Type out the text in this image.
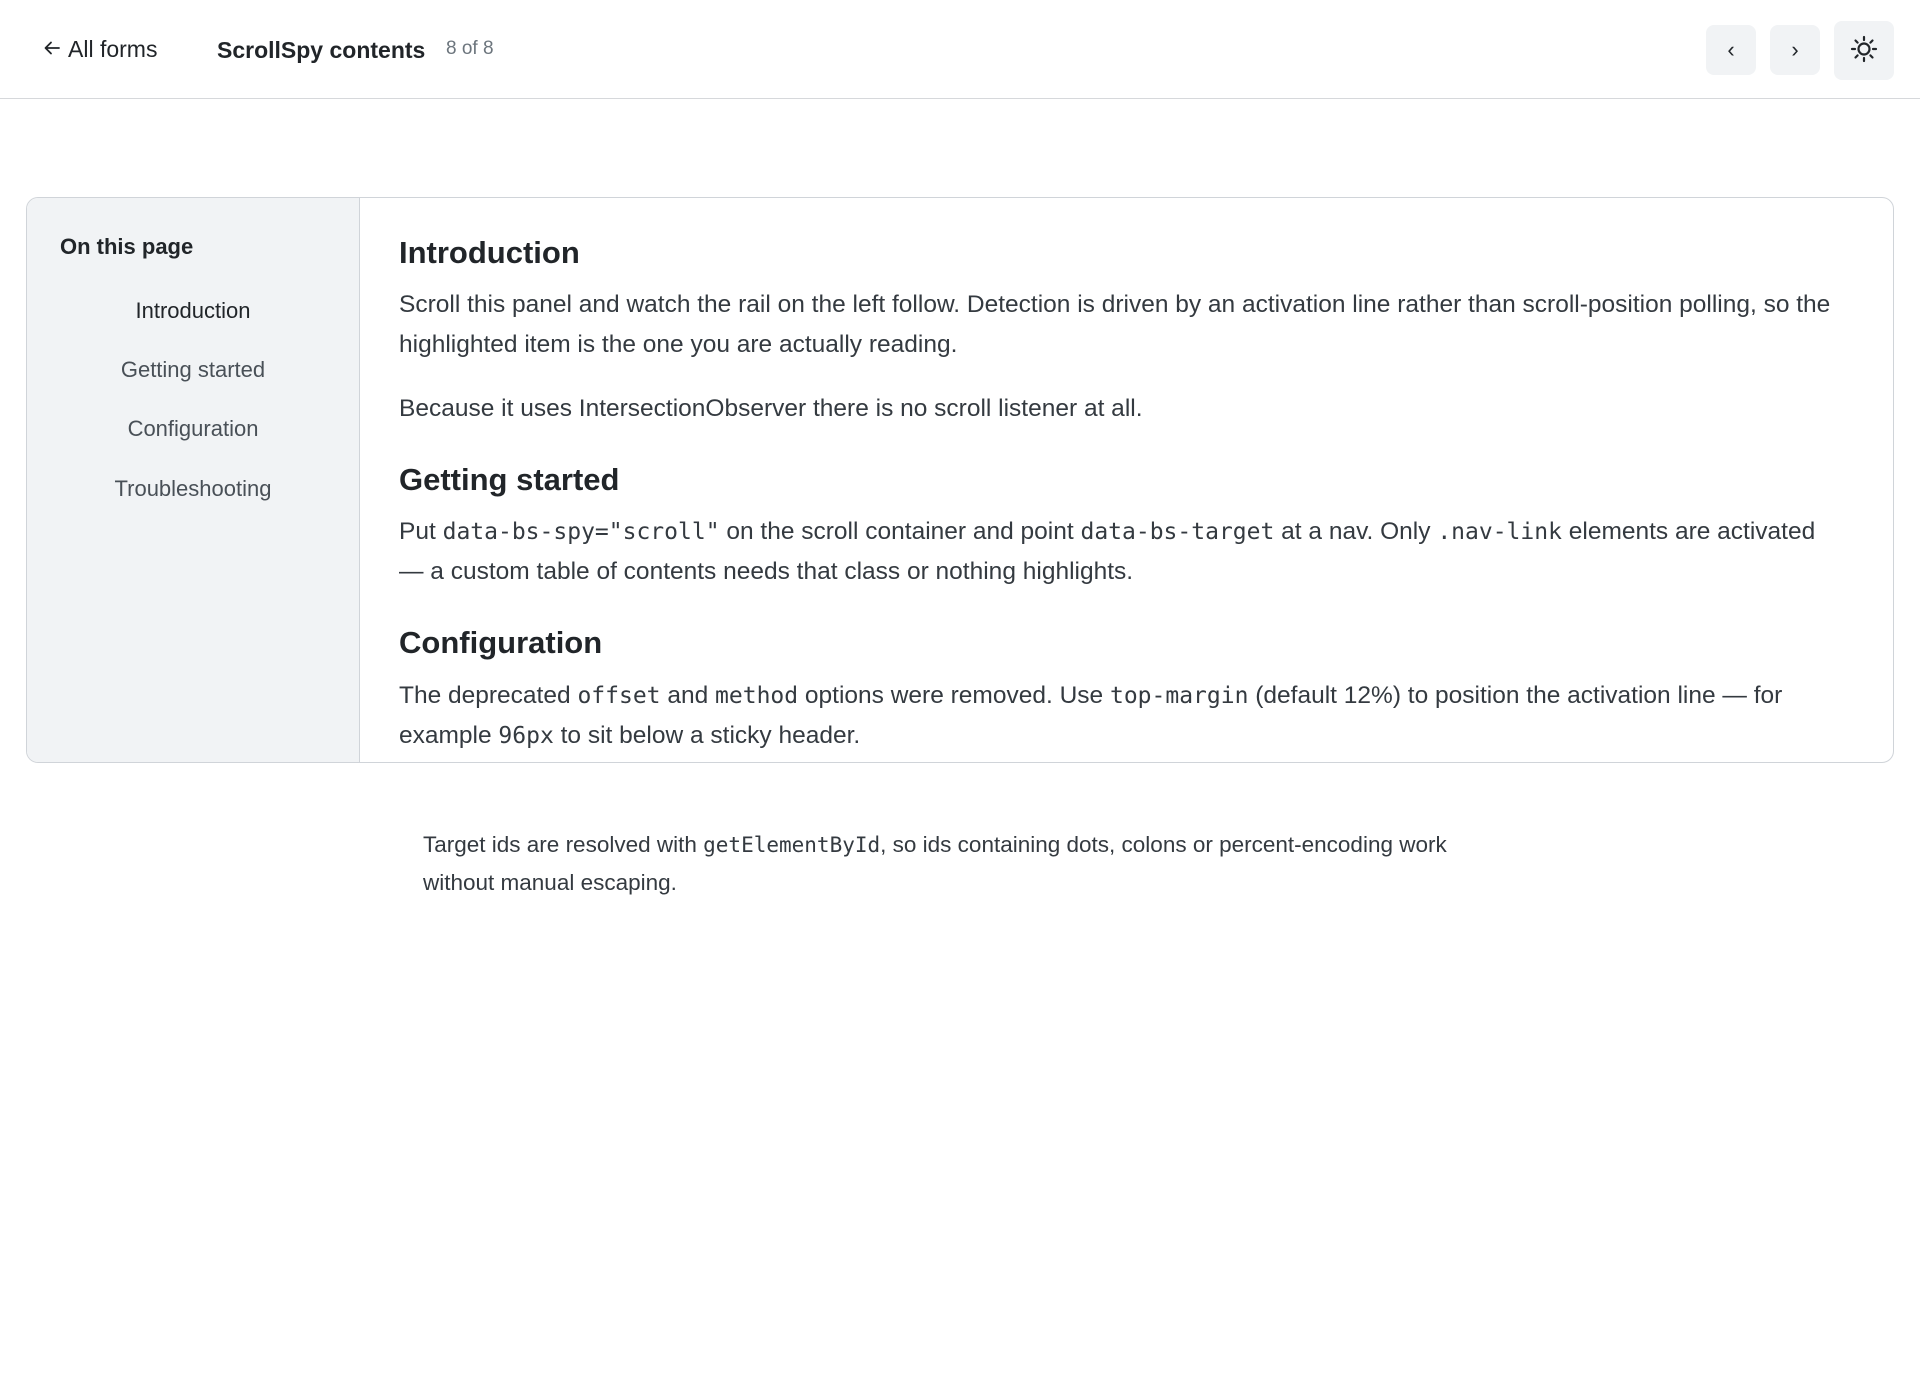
All forms	ScrollSpy contents 8 of 8	‹	›
On this page
Introduction
Getting started
Configuration
Troubleshooting
Introduction

Scroll this panel and watch the rail on the left follow. Detection is driven by an activation line rather than scroll-position polling, so the highlighted item is the one you are actually reading.

Because it uses IntersectionObserver there is no scroll listener at all.

Getting started

Put data-bs-spy="scroll" on the scroll container and point data-bs-target at a nav. Only .nav-link elements are activated — a custom table of contents needs that class or nothing highlights.

Configuration

The deprecated offset and method options were removed. Use top-margin (default 12%) to position the activation line — for example 96px to sit below a sticky header.

Target ids are resolved with getElementById, so ids containing dots, colons or percent-encoding work without manual escaping.
